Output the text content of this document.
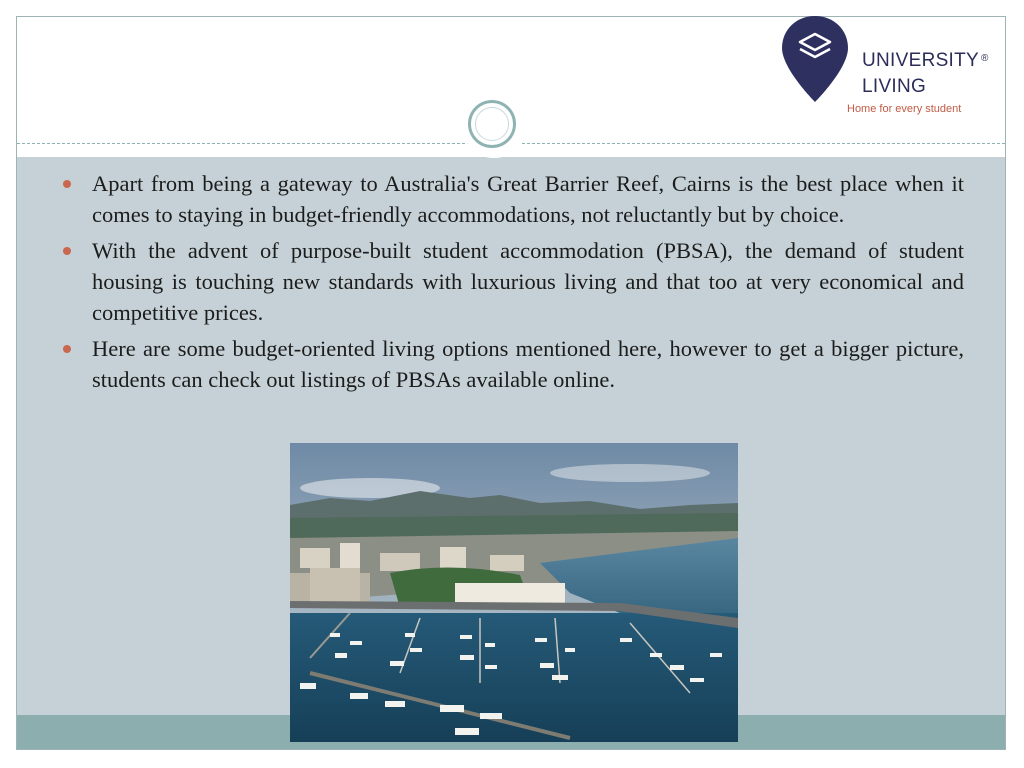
UNIVERSITY ®
LIVING
Home for every student
Apart from being a gateway to Australia's Great Barrier Reef, Cairns is the best place when it comes to staying in budget-friendly accommodations, not reluctantly but by choice.
With the advent of purpose-built student accommodation (PBSA), the demand of student housing is touching new standards with luxurious living and that too at very economical and competitive prices.
Here are some budget-oriented living options mentioned here, however to get a bigger picture, students can check out listings of PBSAs available online.
